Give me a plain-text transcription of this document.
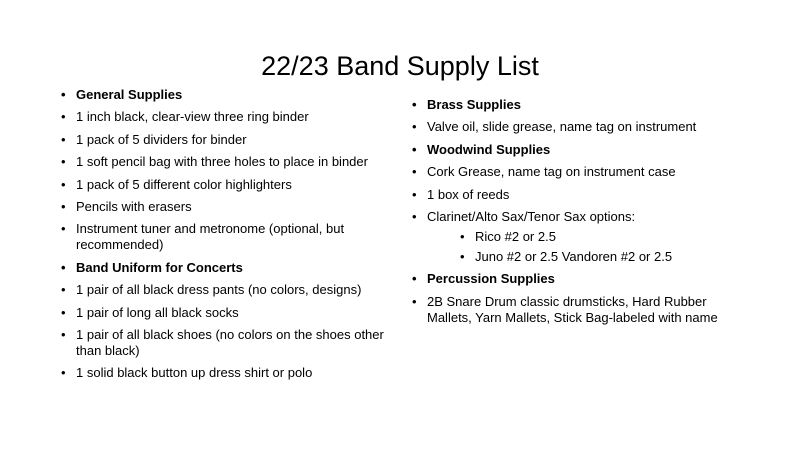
22/23 Band Supply List
• General Supplies
• 1 inch black, clear-view three ring binder
• 1 pack of 5 dividers for binder
• 1 soft pencil bag with three holes to place in binder
• 1 pack of 5 different color highlighters
• Pencils with erasers
• Instrument tuner and metronome (optional, but recommended)
• Band Uniform for Concerts
• 1 pair of all black dress pants (no colors, designs)
• 1 pair of long all black socks
• 1 pair of all black shoes (no colors on the shoes other than black)
• 1 solid black button up dress shirt or polo
• Brass Supplies
• Valve oil, slide grease, name tag on instrument
• Woodwind Supplies
• Cork Grease, name tag on instrument case
• 1 box of reeds
• Clarinet/Alto Sax/Tenor Sax options:
• Rico #2 or 2.5
• Juno #2 or 2.5 Vandoren #2 or 2.5
• Percussion Supplies
• 2B Snare Drum classic drumsticks, Hard Rubber Mallets, Yarn Mallets, Stick Bag-labeled with name
